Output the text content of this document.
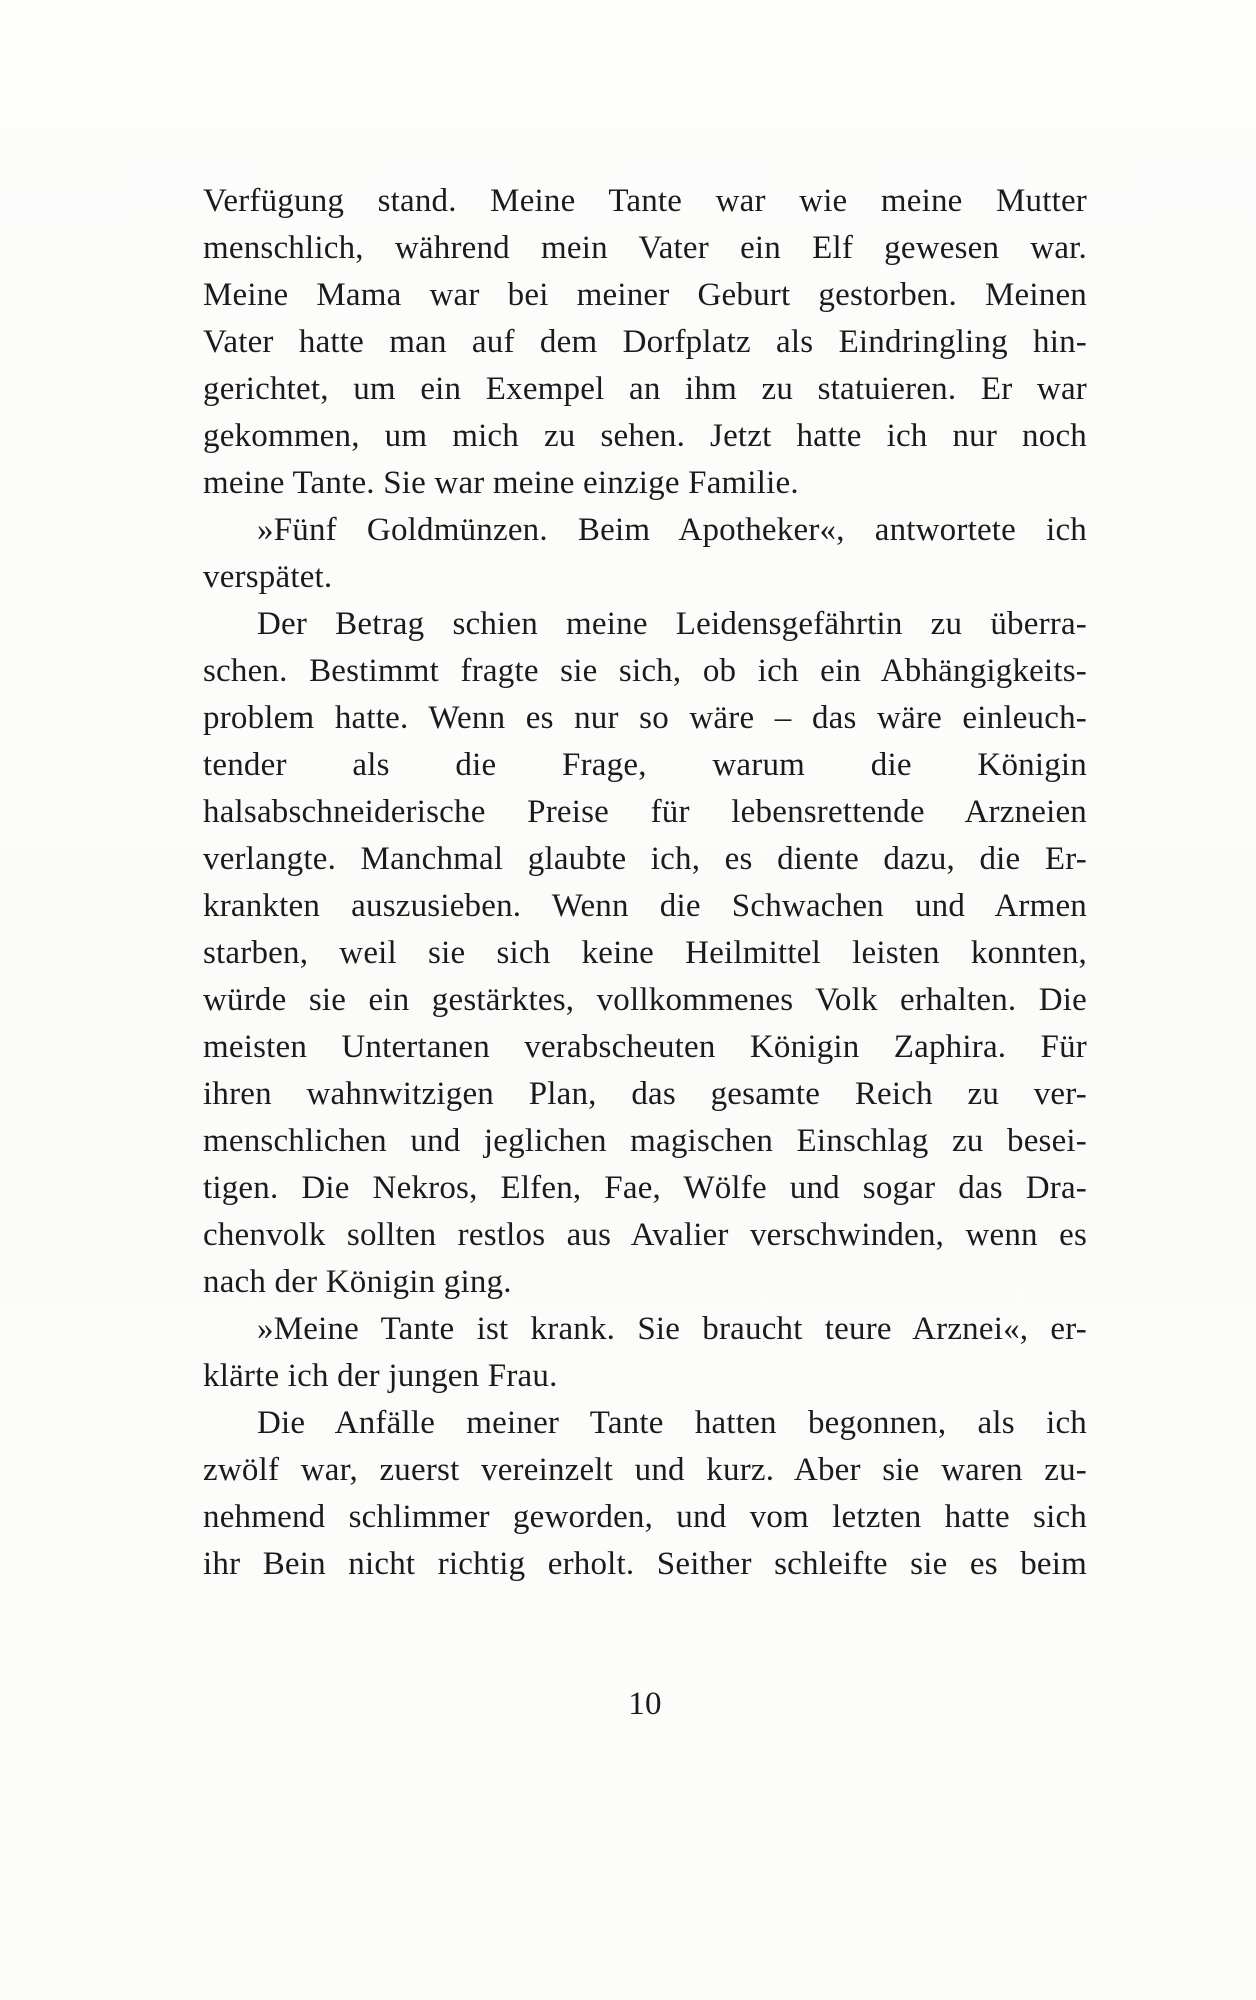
Verfügung stand. Meine Tante war wie meine Mutter
menschlich, während mein Vater ein Elf gewesen war.
Meine Mama war bei meiner Geburt gestorben. Meinen
Vater hatte man auf dem Dorfplatz als Eindringling hin-
gerichtet, um ein Exempel an ihm zu statuieren. Er war
gekommen, um mich zu sehen. Jetzt hatte ich nur noch
meine Tante. Sie war meine einzige Familie.
»Fünf Goldmünzen. Beim Apotheker«, antwortete ich
verspätet.
Der Betrag schien meine Leidensgefährtin zu überra-
schen. Bestimmt fragte sie sich, ob ich ein Abhängigkeits-
problem hatte. Wenn es nur so wäre – das wäre einleuch-
tender als die Frage, warum die Königin
halsabschneiderische Preise für lebensrettende Arzneien
verlangte. Manchmal glaubte ich, es diente dazu, die Er-
krankten auszusieben. Wenn die Schwachen und Armen
starben, weil sie sich keine Heilmittel leisten konnten,
würde sie ein gestärktes, vollkommenes Volk erhalten. Die
meisten Untertanen verabscheuten Königin Zaphira. Für
ihren wahnwitzigen Plan, das gesamte Reich zu ver-
menschlichen und jeglichen magischen Einschlag zu besei-
tigen. Die Nekros, Elfen, Fae, Wölfe und sogar das Dra-
chenvolk sollten restlos aus Avalier verschwinden, wenn es
nach der Königin ging.
»Meine Tante ist krank. Sie braucht teure Arznei«, er-
klärte ich der jungen Frau.
Die Anfälle meiner Tante hatten begonnen, als ich
zwölf war, zuerst vereinzelt und kurz. Aber sie waren zu-
nehmend schlimmer geworden, und vom letzten hatte sich
ihr Bein nicht richtig erholt. Seither schleifte sie es beim
10
